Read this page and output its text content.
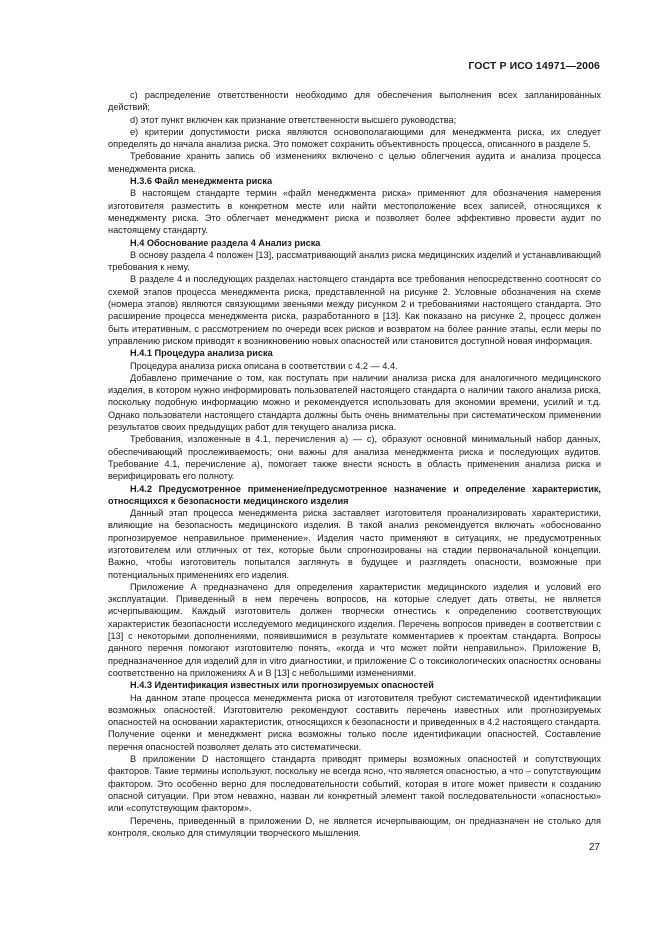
ГОСТ Р ИСО 14971—2006

c) распределение ответственности необходимо для обеспечения выполнения всех запланированных действий;

d) этот пункт включен как признание ответственности высшего руководства;

e) критерии допустимости риска являются основополагающими для менеджмента риска, их следует определять до начала анализа риска. Это поможет сохранить объективность процесса, описанного в разделе 5.

Требование хранить запись об изменениях включено с целью облегчения аудита и анализа процесса менеджмента риска.

Н.3.6 Файл менеджмента риска

В настоящем стандарте термин «файл менеджмента риска» применяют для обозначения намерения изготовителя разместить в конкретном месте или найти местоположение всех записей, относящихся к менеджменту риска. Это облегчает менеджмент риска и позволяет более эффективно провести аудит по настоящему стандарту.

Н.4 Обоснование раздела 4 Анализ риска

В основу раздела 4 положен [13], рассматривающий анализ риска медицинских изделий и устанавливающий требования к нему.

В разделе 4 и последующих разделах настоящего стандарта все требования непосредственно соотносят со схемой этапов процесса менеджмента риска, представленной на рисунке 2. Условные обозначения на схеме (номера этапов) являются связующими звеньями между рисунком 2 и требованиями настоящего стандарта. Это расширение процесса менеджмента риска, разработанного в [13]. Как показано на рисунке 2, процесс должен быть итеративным, с рассмотрением по очереди всех рисков и возвратом на более ранние этапы, если меры по управлению риском приводят к возникновению новых опасностей или становится доступной новая информация.

Н.4.1 Процедура анализа риска

Процедура анализа риска описана в соответствии с 4.2 — 4.4.

Добавлено примечание о том, как поступать при наличии анализа риска для аналогичного медицинского изделия, в котором нужно информировать пользователей настоящего стандарта о наличии такого анализа риска, поскольку подобную информацию можно и рекомендуется использовать для экономии времени, усилий и т.д. Однако пользователи настоящего стандарта должны быть очень внимательны при систематическом применении результатов своих предыдущих работ для текущего анализа риска.

Требования, изложенные в 4.1, перечисления а) — с), образуют основной минимальный набор данных, обеспечивающий прослеживаемость; они важны для анализа менеджмента риска и последующих аудитов. Требование 4.1, перечисление а), помогает также внести ясность в область применения анализа риска и верифицировать его полноту.

Н.4.2 Предусмотренное применение/предусмотренное назначение и определение характеристик, относящихся к безопасности медицинского изделия

Данный этап процесса менеджмента риска заставляет изготовителя проанализировать характеристики, влияющие на безопасность медицинского изделия. В такой анализ рекомендуется включать «обоснованно прогнозируемое неправильное применение». Изделия часто применяют в ситуациях, не предусмотренных изготовителем или отличных от тех, которые были спрогнозированы на стадии первоначальной концепции. Важно, чтобы изготовитель попытался заглянуть в будущее и разглядеть опасности, возможные при потенциальных применениях его изделия.

Приложение А предназначено для определения характеристик медицинского изделия и условий его эксплуатации. Приведенный в нем перечень вопросов, на которые следует дать ответы, не является исчерпывающим. Каждый изготовитель должен творчески отнестись к определению соответствующих характеристик безопасности исследуемого медицинского изделия. Перечень вопросов приведен в соответствии с [13] с некоторыми дополнениями, появившимися в результате комментариев к проектам стандарта. Вопросы данного перечня помогают изготовителю понять, «когда и что может пойти неправильно». Приложение В, предназначенное для изделий для in vitro диагностики, и приложение С о токсикологических опасностях основаны соответственно на приложениях А и В [13] с небольшими изменениями.

Н.4.3 Идентификация известных или прогнозируемых опасностей

На данном этапе процесса менеджмента риска от изготовителя требуют систематической идентификации возможных опасностей. Изготовителю рекомендуют составить перечень известных или прогнозируемых опасностей на основании характеристик, относящихся к безопасности и приведенных в 4.2 настоящего стандарта. Получение оценки и менеджмент риска возможны только после идентификации опасностей. Составление перечня опасностей позволяет делать это систематически.

В приложении D настоящего стандарта приводят примеры возможных опасностей и сопутствующих факторов. Такие термины используют, поскольку не всегда ясно, что является опасностью, а что – сопутствующим фактором. Это особенно верно для последовательности событий, которая в итоге может привести к созданию опасной ситуации. При этом неважно, назван ли конкретный элемент такой последовательности «опасностью» или «сопутствующим фактором».

Перечень, приведенный в приложении D, не является исчерпывающим, он предназначен не столько для контроля, сколько для стимуляции творческого мышления.

27
